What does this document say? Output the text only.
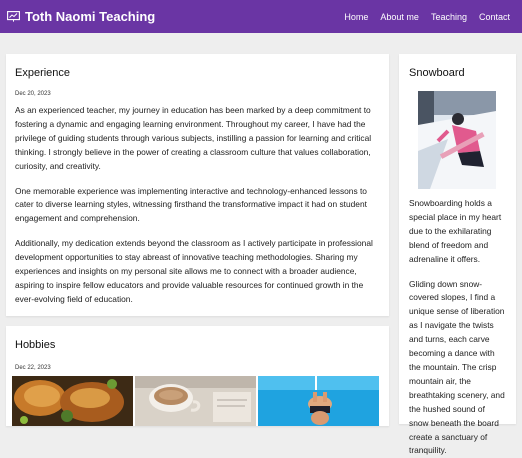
Toth Naomi Teaching	Home About me Teaching Contact
Experience
Dec 20, 2023

As an experienced teacher, my journey in education has been marked by a deep commitment to fostering a dynamic and engaging learning environment. Throughout my career, I have had the privilege of guiding students through various subjects, instilling a passion for learning and critical thinking. I strongly believe in the power of creating a classroom culture that values collaboration, curiosity, and creativity.

One memorable experience was implementing interactive and technology-enhanced lessons to cater to diverse learning styles, witnessing firsthand the transformative impact it had on student engagement and comprehension.

Additionally, my dedication extends beyond the classroom as I actively participate in professional development opportunities to stay abreast of innovative teaching methodologies. Sharing my experiences and insights on my personal site allows me to connect with a broader audience, aspiring to inspire fellow educators and provide valuable resources for continued growth in the ever-evolving field of education.

Hobbies
Dec 22, 2023
Snowboard

Snowboarding holds a special place in my heart due to the exhilarating blend of freedom and adrenaline it offers.

Gliding down snow-covered slopes, I find a unique sense of liberation as I navigate the twists and turns, each carve becoming a dance with the mountain. The crisp mountain air, the breathtaking scenery, and the hushed sound of snow beneath the board create a sanctuary of tranquility.
